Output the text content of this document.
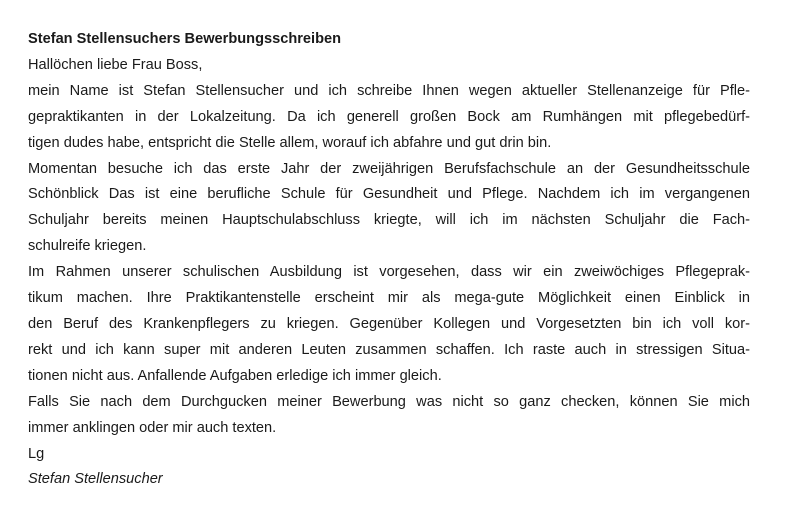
Stefan Stellensuchers Bewerbungsschreiben

Hallöchen liebe Frau Boss,

mein Name ist Stefan Stellensucher und ich schreibe Ihnen wegen aktueller Stellenanzeige für Pfle-

gepraktikanten in der Lokalzeitung. Da ich generell großen Bock am Rumhängen mit pflegebedürf-

tigen dudes habe, entspricht die Stelle allem, worauf ich abfahre und gut drin bin.

Momentan besuche ich das erste Jahr der zweijährigen Berufsfachschule an der Gesundheitsschule

Schönblick Das ist eine berufliche Schule für Gesundheit und Pflege. Nachdem ich im vergangenen

Schuljahr bereits meinen Hauptschulabschluss kriegte, will ich im nächsten Schuljahr die Fach-

schulreife kriegen.

Im Rahmen unserer schulischen Ausbildung ist vorgesehen, dass wir ein zweiwöchiges Pflegeprak-

tikum machen. Ihre Praktikantenstelle erscheint mir als mega-gute Möglichkeit einen Einblick in

den Beruf des Krankenpflegers zu kriegen. Gegenüber Kollegen und Vorgesetzten bin ich voll kor-

rekt und ich kann super mit anderen Leuten zusammen schaffen. Ich raste auch in stressigen Situa-

tionen nicht aus. Anfallende Aufgaben erledige ich immer gleich.

Falls Sie nach dem Durchgucken meiner Bewerbung was nicht so ganz checken, können Sie mich

immer anklingen oder mir auch texten.

Lg

Stefan Stellensucher
